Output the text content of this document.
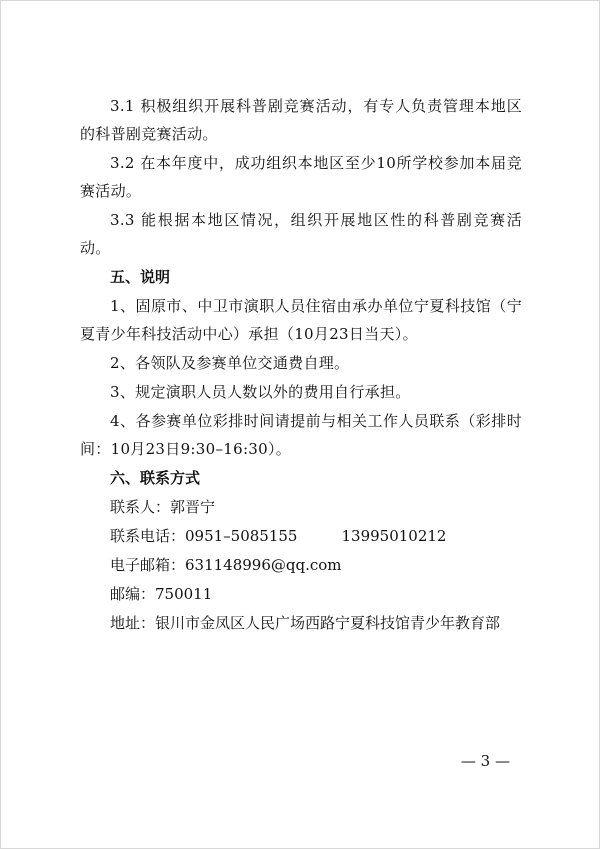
3.1 积极组织开展科普剧竞赛活动，有专人负责管理本地区的科普剧竞赛活动。

3.2 在本年度中，成功组织本地区至少10所学校参加本届竞赛活动。

3.3 能根据本地区情况，组织开展地区性的科普剧竞赛活动。

五、说明

1、固原市、中卫市演职人员住宿由承办单位宁夏科技馆（宁夏青少年科技活动中心）承担（10月23日当天）。

2、各领队及参赛单位交通费自理。

3、规定演职人员人数以外的费用自行承担。

4、各参赛单位彩排时间请提前与相关工作人员联系（彩排时间：10月23日9:30–16:30）。

六、联系方式

联系人：郭晋宁

联系电话：0951–5085155	13995010212

电子邮箱：631148996@qq.com

邮编：750011

地址：银川市金凤区人民广场西路宁夏科技馆青少年教育部

— 3 —
